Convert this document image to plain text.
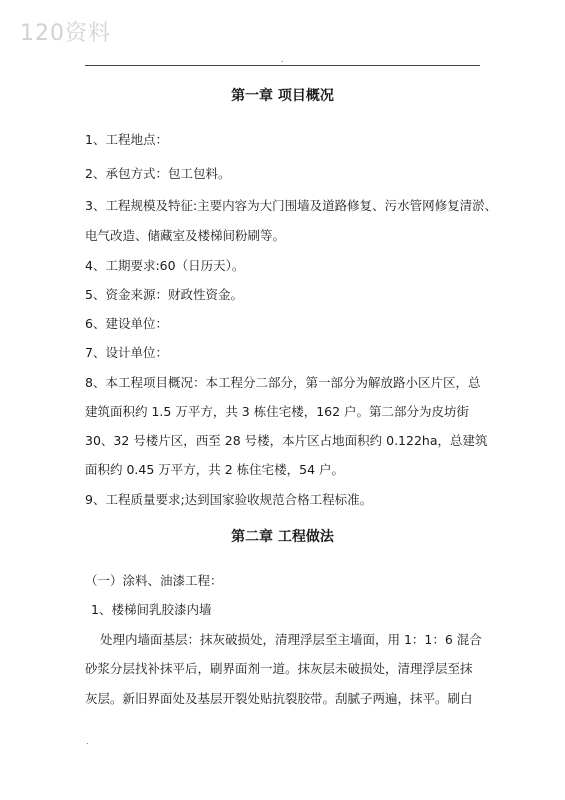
120资料
.
第一章 项目概况
1、工程地点：
2、承包方式：包工包料。
3、工程规模及特征:主要内容为大门围墙及道路修复、污水管网修复清淤、
电气改造、储藏室及楼梯间粉刷等。
4、工期要求:60（日历天）。
5、资金来源：财政性资金。
6、建设单位：
7、设计单位：
8、本工程项目概况：本工程分二部分，第一部分为解放路小区片区，总
建筑面积约 1.5 万平方，共 3 栋住宅楼，162 户。第二部分为皮坊街
30、32 号楼片区，西至 28 号楼，本片区占地面积约 0.122ha，总建筑
面积约 0.45 万平方，共 2 栋住宅楼，54 户。
9、工程质量要求;达到国家验收规范合格工程标准。
第二章 工程做法
（一）涂料、油漆工程：
1、楼梯间乳胶漆内墙
处理内墙面基层：抹灰破损处，清理浮层至主墙面，用 1：1：6 混合
砂浆分层找补抹平后，刷界面剂一道。抹灰层未破损处，清理浮层至抹
灰层。新旧界面处及基层开裂处贴抗裂胶带。刮腻子两遍，抹平。刷白
.
